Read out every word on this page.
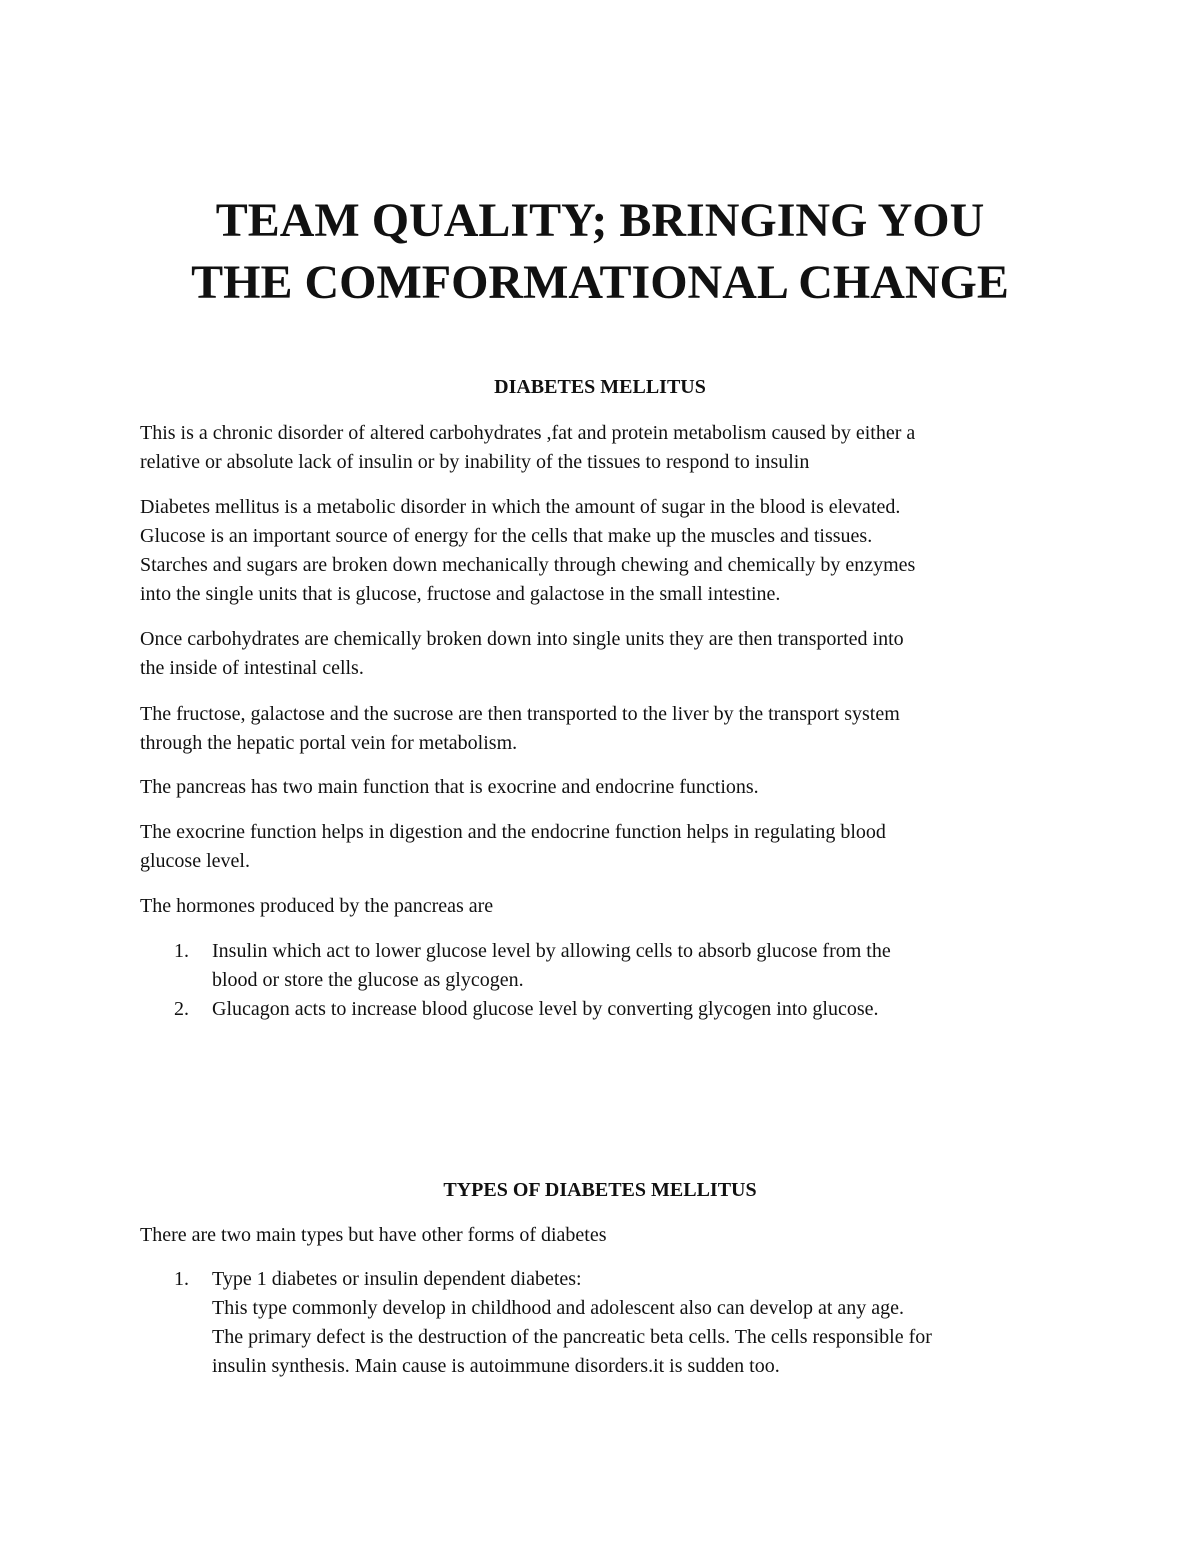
TEAM QUALITY; BRINGING YOU
THE COMFORMATIONAL CHANGE
DIABETES MELLITUS

This is a chronic disorder of altered carbohydrates ,fat and protein metabolism caused by either a
relative or absolute lack of insulin or by inability of the tissues to respond to insulin

Diabetes mellitus is a metabolic disorder in which the amount of sugar in the blood is elevated.
Glucose is an important source of energy for the cells that make up the muscles and tissues.
Starches and sugars are broken down mechanically through chewing and chemically by enzymes
into the single units that is glucose, fructose and galactose in the small intestine.

Once carbohydrates are chemically broken down into single units they are then transported into
the inside of intestinal cells.

The fructose, galactose and the sucrose are then transported to the liver by the transport system
through the hepatic portal vein for metabolism.

The pancreas has two main function that is exocrine and endocrine functions.

The exocrine function helps in digestion and the endocrine function helps in regulating blood
glucose level.

The hormones produced by the pancreas are

1. Insulin which act to lower glucose level by allowing cells to absorb glucose from the
blood or store the glucose as glycogen.
2. Glucagon acts to increase blood glucose level by converting glycogen into glucose.
TYPES OF DIABETES MELLITUS

There are two main types but have other forms of diabetes

1. Type 1 diabetes or insulin dependent diabetes:
This type commonly develop in childhood and adolescent also can develop at any age.
The primary defect is the destruction of the pancreatic beta cells. The cells responsible for
insulin synthesis. Main cause is autoimmune disorders.it is sudden too.
